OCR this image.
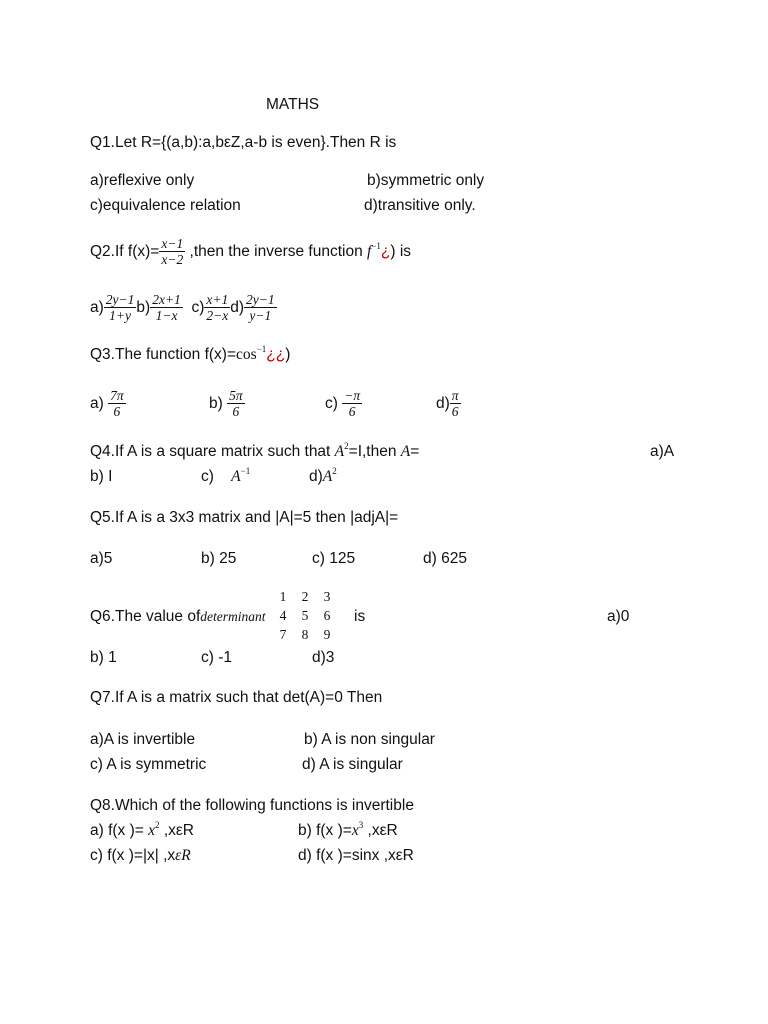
MATHS
Q1.Let R={(a,b):a,bεZ,a-b is even}.Then R is
a)reflexive only	b)symmetric only
c)equivalence relation	d)transitive only.
Q2.If $f(x)= \frac{x-1}{x-2}$ ,then the inverse function $f^{-1}¿$) is
$a) \frac{2y-1}{1+y} b) \frac{2x+1}{1-x} c) \frac{x+1}{2-x} d) \frac{2y-1}{y-1}$
Q3.The function $f(x)=\cos^{-1}¿¿$)
$a) \frac{7\pi}{6}$	$b) \frac{5\pi}{6}$	$c) \frac{-\pi}{6}$	$d) \frac{\pi}{6}$
Q4.If A is a square matrix such that $A^2=I,then$ A=	a)A
b) I	c) $A^{-1}$	$d)A^2$
Q5.If A is a 3x3 matrix and |A|=5 then |adjA|=
a)5	b) 25	c) 125	d) 625
Q6.The value ofdeterminant
1 2 3
4 5 6
7 8 9
is	a)0
b) 1	c) -1	d)3
Q7.If A is a matrix such that det(A)=0 Then
a)A is invertible	b) A is non singular
c) A is symmetric	d) A is singular
Q8.Which of the following functions is invertible
a) f(x )= $x^2$ ,xεR	b) f(x )$=x^3$ ,xεR
c) f(x )=|x| ,xεR	d) f(x )=sinx ,xεR
